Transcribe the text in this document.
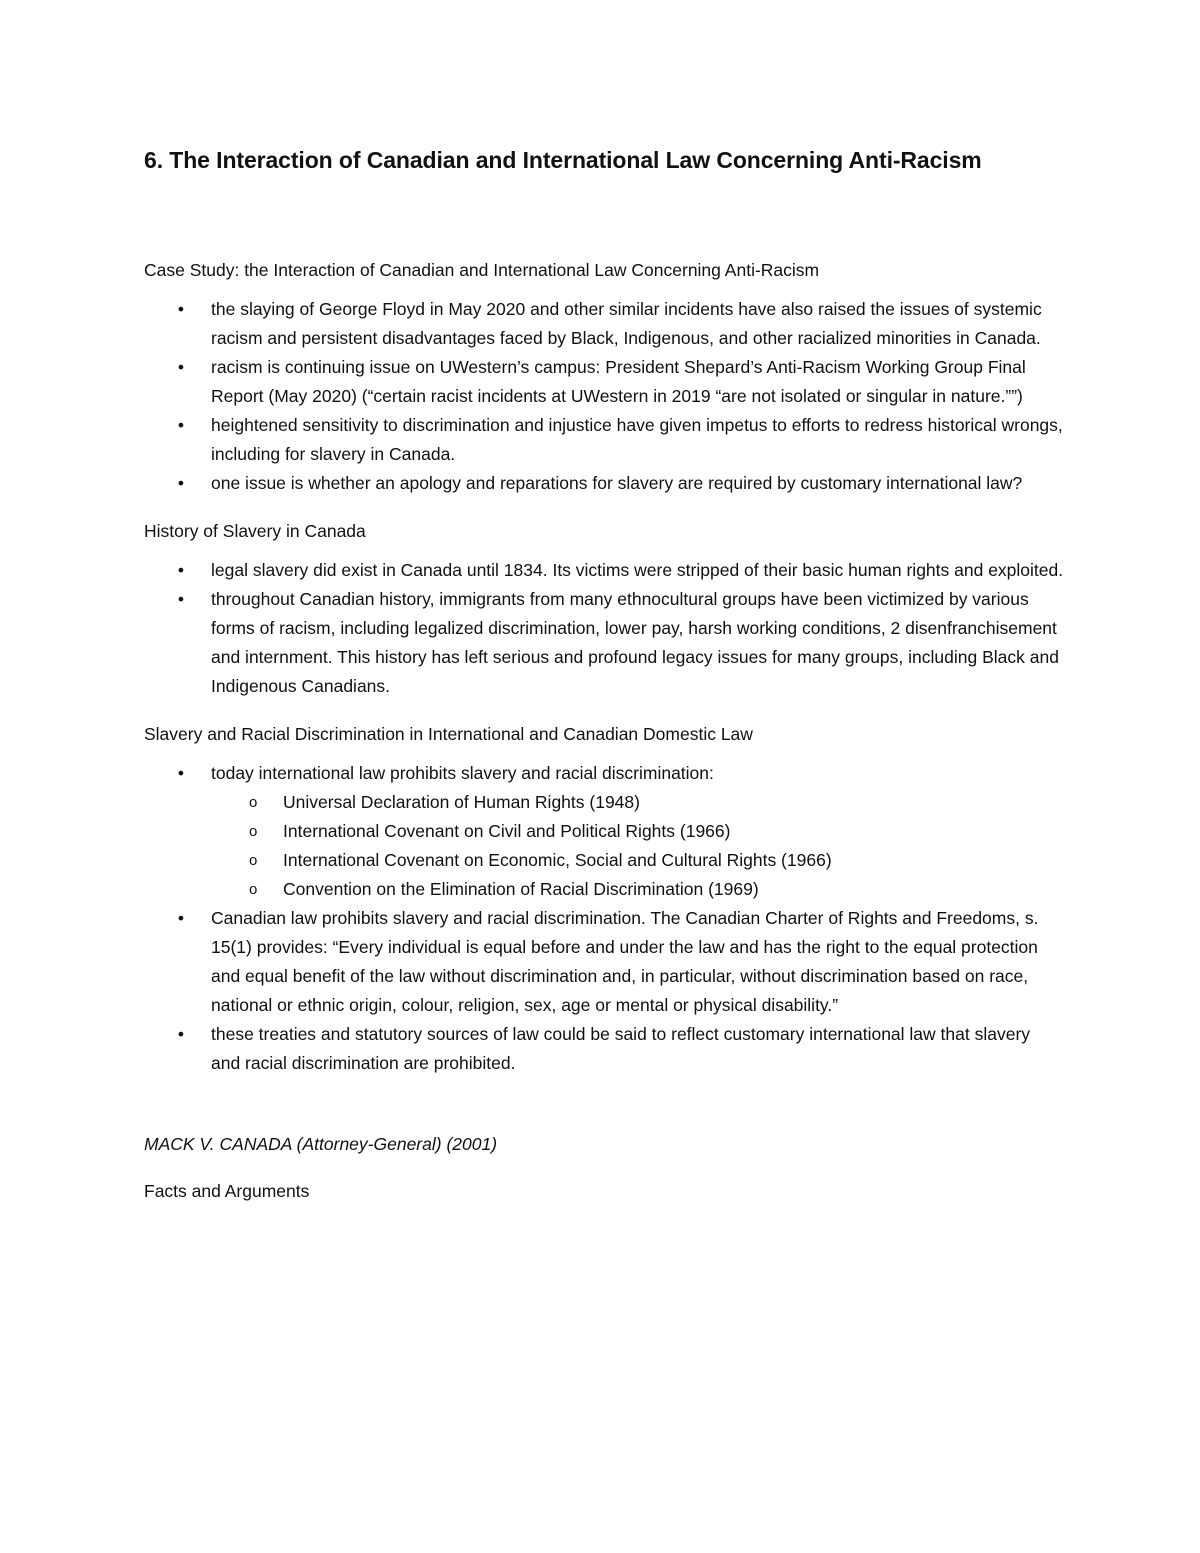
6. The Interaction of Canadian and International Law Concerning Anti-Racism

Case Study: the Interaction of Canadian and International Law Concerning Anti-Racism

• the slaying of George Floyd in May 2020 and other similar incidents have also raised the issues of systemic racism and persistent disadvantages faced by Black, Indigenous, and other racialized minorities in Canada.
• racism is continuing issue on UWestern’s campus: President Shepard’s Anti-Racism Working Group Final Report (May 2020) (“certain racist incidents at UWestern in 2019 “are not isolated or singular in nature.””)
• heightened sensitivity to discrimination and injustice have given impetus to efforts to redress historical wrongs, including for slavery in Canada.
• one issue is whether an apology and reparations for slavery are required by customary international law?

History of Slavery in Canada

• legal slavery did exist in Canada until 1834. Its victims were stripped of their basic human rights and exploited.
• throughout Canadian history, immigrants from many ethnocultural groups have been victimized by various forms of racism, including legalized discrimination, lower pay, harsh working conditions, 2 disenfranchisement and internment. This history has left serious and profound legacy issues for many groups, including Black and Indigenous Canadians.

Slavery and Racial Discrimination in International and Canadian Domestic Law

• today international law prohibits slavery and racial discrimination:
o Universal Declaration of Human Rights (1948)
o International Covenant on Civil and Political Rights (1966)
o International Covenant on Economic, Social and Cultural Rights (1966)
o Convention on the Elimination of Racial Discrimination (1969)
• Canadian law prohibits slavery and racial discrimination. The Canadian Charter of Rights and Freedoms, s. 15(1) provides: “Every individual is equal before and under the law and has the right to the equal protection and equal benefit of the law without discrimination and, in particular, without discrimination based on race, national or ethnic origin, colour, religion, sex, age or mental or physical disability.”
• these treaties and statutory sources of law could be said to reflect customary international law that slavery and racial discrimination are prohibited.

MACK V. CANADA (Attorney-General) (2001)

Facts and Arguments
